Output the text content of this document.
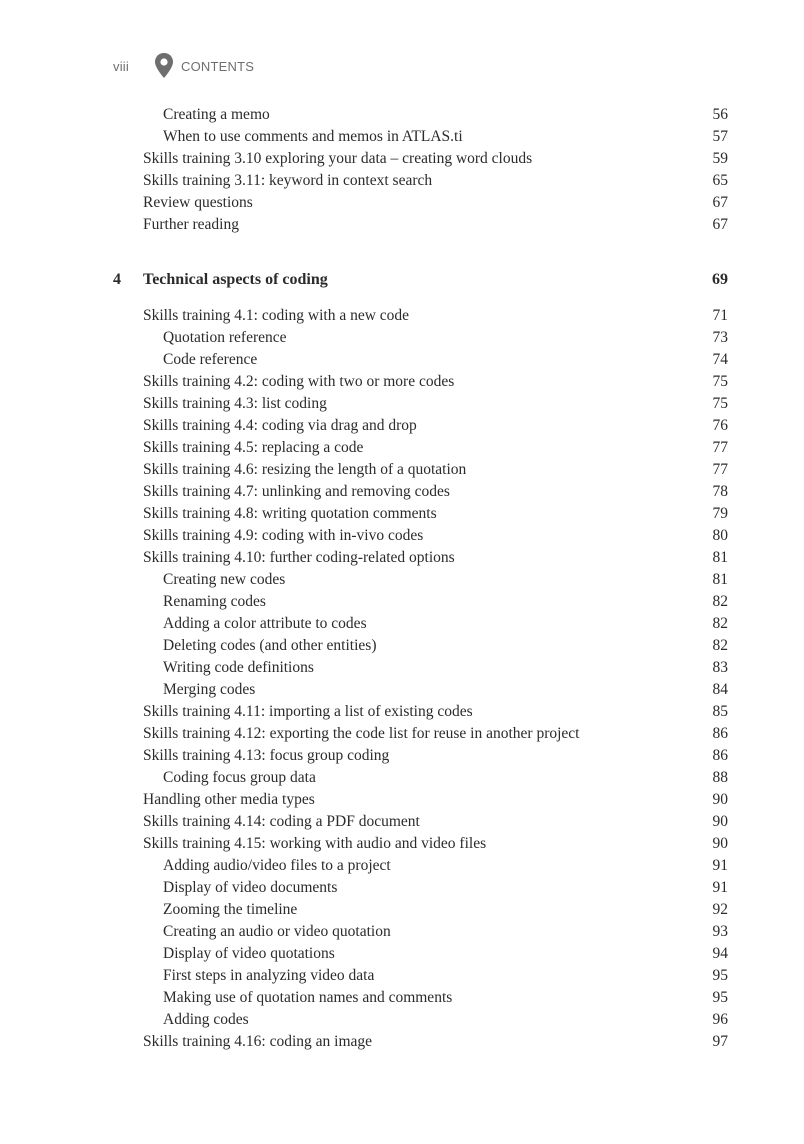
viii	CONTENTS
4 Technical aspects of coding	69
Creating a memo	56
When to use comments and memos in ATLAS.ti	57
Skills training 3.10 exploring your data – creating word clouds	59
Skills training 3.11: keyword in context search	65
Review questions	67
Further reading	67
Skills training 4.1: coding with a new code	71
Quotation reference	73
Code reference	74
Skills training 4.2: coding with two or more codes	75
Skills training 4.3: list coding	75
Skills training 4.4: coding via drag and drop	76
Skills training 4.5: replacing a code	77
Skills training 4.6: resizing the length of a quotation	77
Skills training 4.7: unlinking and removing codes	78
Skills training 4.8: writing quotation comments	79
Skills training 4.9: coding with in-vivo codes	80
Skills training 4.10: further coding-related options	81
Creating new codes	81
Renaming codes	82
Adding a color attribute to codes	82
Deleting codes (and other entities)	82
Writing code definitions	83
Merging codes	84
Skills training 4.11: importing a list of existing codes	85
Skills training 4.12: exporting the code list for reuse in another project	86
Skills training 4.13: focus group coding	86
Coding focus group data	88
Handling other media types	90
Skills training 4.14: coding a PDF document	90
Skills training 4.15: working with audio and video files	90
Adding audio/video files to a project	91
Display of video documents	91
Zooming the timeline	92
Creating an audio or video quotation	93
Display of video quotations	94
First steps in analyzing video data	95
Making use of quotation names and comments	95
Adding codes	96
Skills training 4.16: coding an image	97
